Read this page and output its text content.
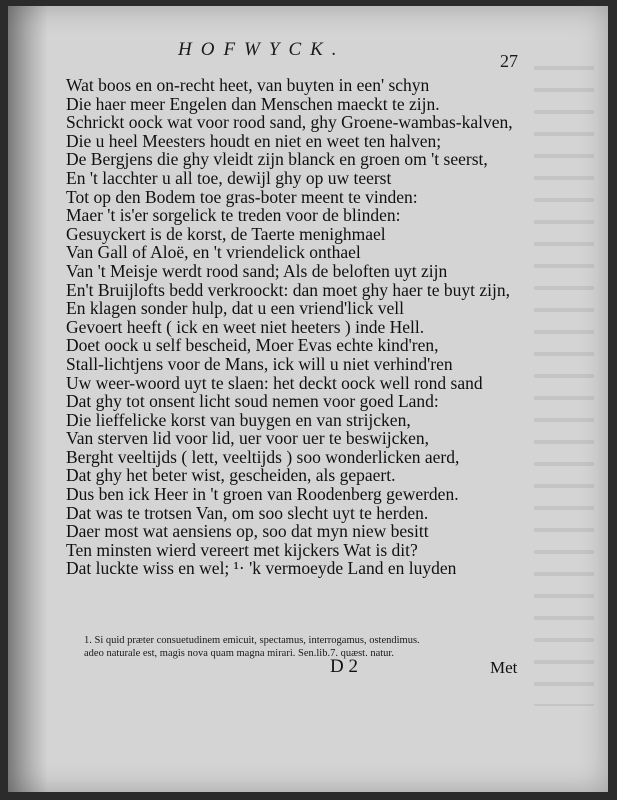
HOFWYCK.
27
Wat boos en on-recht heet, van buyten in een' schyn
Die haer meer Engelen dan Menschen maeckt te zijn.
Schrickt oock wat voor rood sand, ghy Groene-wambas-kalven,
Die u heel Meesters houdt en niet en weet ten halven;
De Bergjens die ghy vleidt zijn blanck en groen om 't seerst,
En 't lacchter u all toe, dewijl ghy op uw teerst
Tot op den Bodem toe gras-boter meent te vinden:
Maer 't is'er sorgelick te treden voor de blinden:
Gesuyckert is de korst, de Taerte menighmael
Van Gall of Aloë, en 't vriendelick onthael
Van 't Meisje werdt rood sand; Als de beloften uyt zijn
En't Bruijlofts bedd verkroockt: dan moet ghy haer te buyt zijn,
En klagen sonder hulp, dat u een vriend'lick vell
Gevoert heeft ( ick en weet niet heeters ) inde Hell.
Doet oock u self bescheid, Moer Evas echte kind'ren,
Stall-lichtjens voor de Mans, ick will u niet verhind'ren
Uw weer-woord uyt te slaen: het deckt oock well rond sand
Dat ghy tot onsent licht soud nemen voor goed Land:
Die lieffelicke korst van buygen en van strijcken,
Van sterven lid voor lid, uer voor uer te beswijcken,
Berght veeltijds ( lett, veeltijds ) soo wonderlicken aerd,
Dat ghy het beter wist, gescheiden, als gepaert.
Dus ben ick Heer in 't groen van Roodenberg gewerden.
Dat was te trotsen Van, om soo slecht uyt te herden.
Daer most wat aensiens op, soo dat myn niew besitt
Ten minsten wierd vereert met kijckers Wat is dit?
Dat luckte wiss en wel; ¹· 'k vermoeyde Land en luyden
1. Si quid præter consuetudinem emicuit, spectamus, interrogamus, ostendimus.
adeo naturale est, magis nova quam magna mirari. Sen.lib.7. quæst. natur.
D 2	Met
